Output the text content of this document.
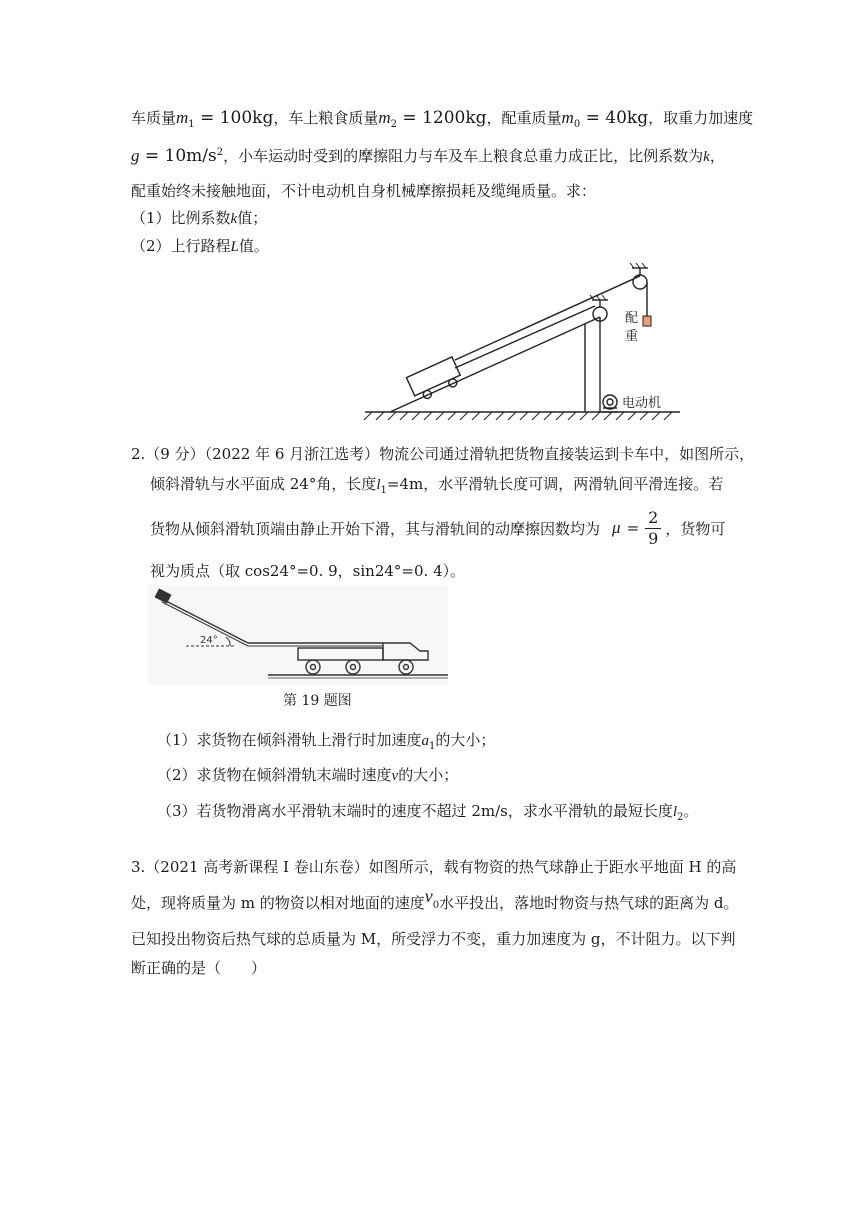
车质量$m_1 = 100kg$，车上粮食质量$m_2 = 1200kg$，配重质量$m_0 = 40kg$，取重力加速度
$g = 10m/s^2$，小车运动时受到的摩擦阻力与车及车上粮食总重力成正比，比例系数为k，
配重始终未接触地面，不计电动机自身机械摩擦损耗及缆绳质量。求：
（1）比例系数k值；
（2）上行路程L值。
配
重
电动机
2.（9 分）（2022 年 6 月浙江选考）物流公司通过滑轨把货物直接装运到卡车中，如图所示，
倾斜滑轨与水平面成 24°角，长度$l_1=4m$，水平滑轨长度可调，两滑轨间平滑连接。若
货物从倾斜滑轨顶端由静止开始下滑，其与滑轨间的动摩擦因数均为 $\mu = \frac{2}{9}$ ，货物可
视为质点（取 cos24°=0. 9，sin24°=0. 4）。
24°
第 19 题图
（1）求货物在倾斜滑轨上滑行时加速度$a_1$的大小；
（2）求货物在倾斜滑轨末端时速度v的大小；
（3）若货物滑离水平滑轨末端时的速度不超过 2m/s，求水平滑轨的最短长度$l_2$。
3.（2021 高考新课程 I 卷山东卷）如图所示，载有物资的热气球静止于距水平地面 H 的高
处，现将质量为 m 的物资以相对地面的速度$v_0$水平投出，落地时物资与热气球的距离为 d。
已知投出物资后热气球的总质量为 M，所受浮力不变，重力加速度为 g，不计阻力。以下判
断正确的是（　　）
